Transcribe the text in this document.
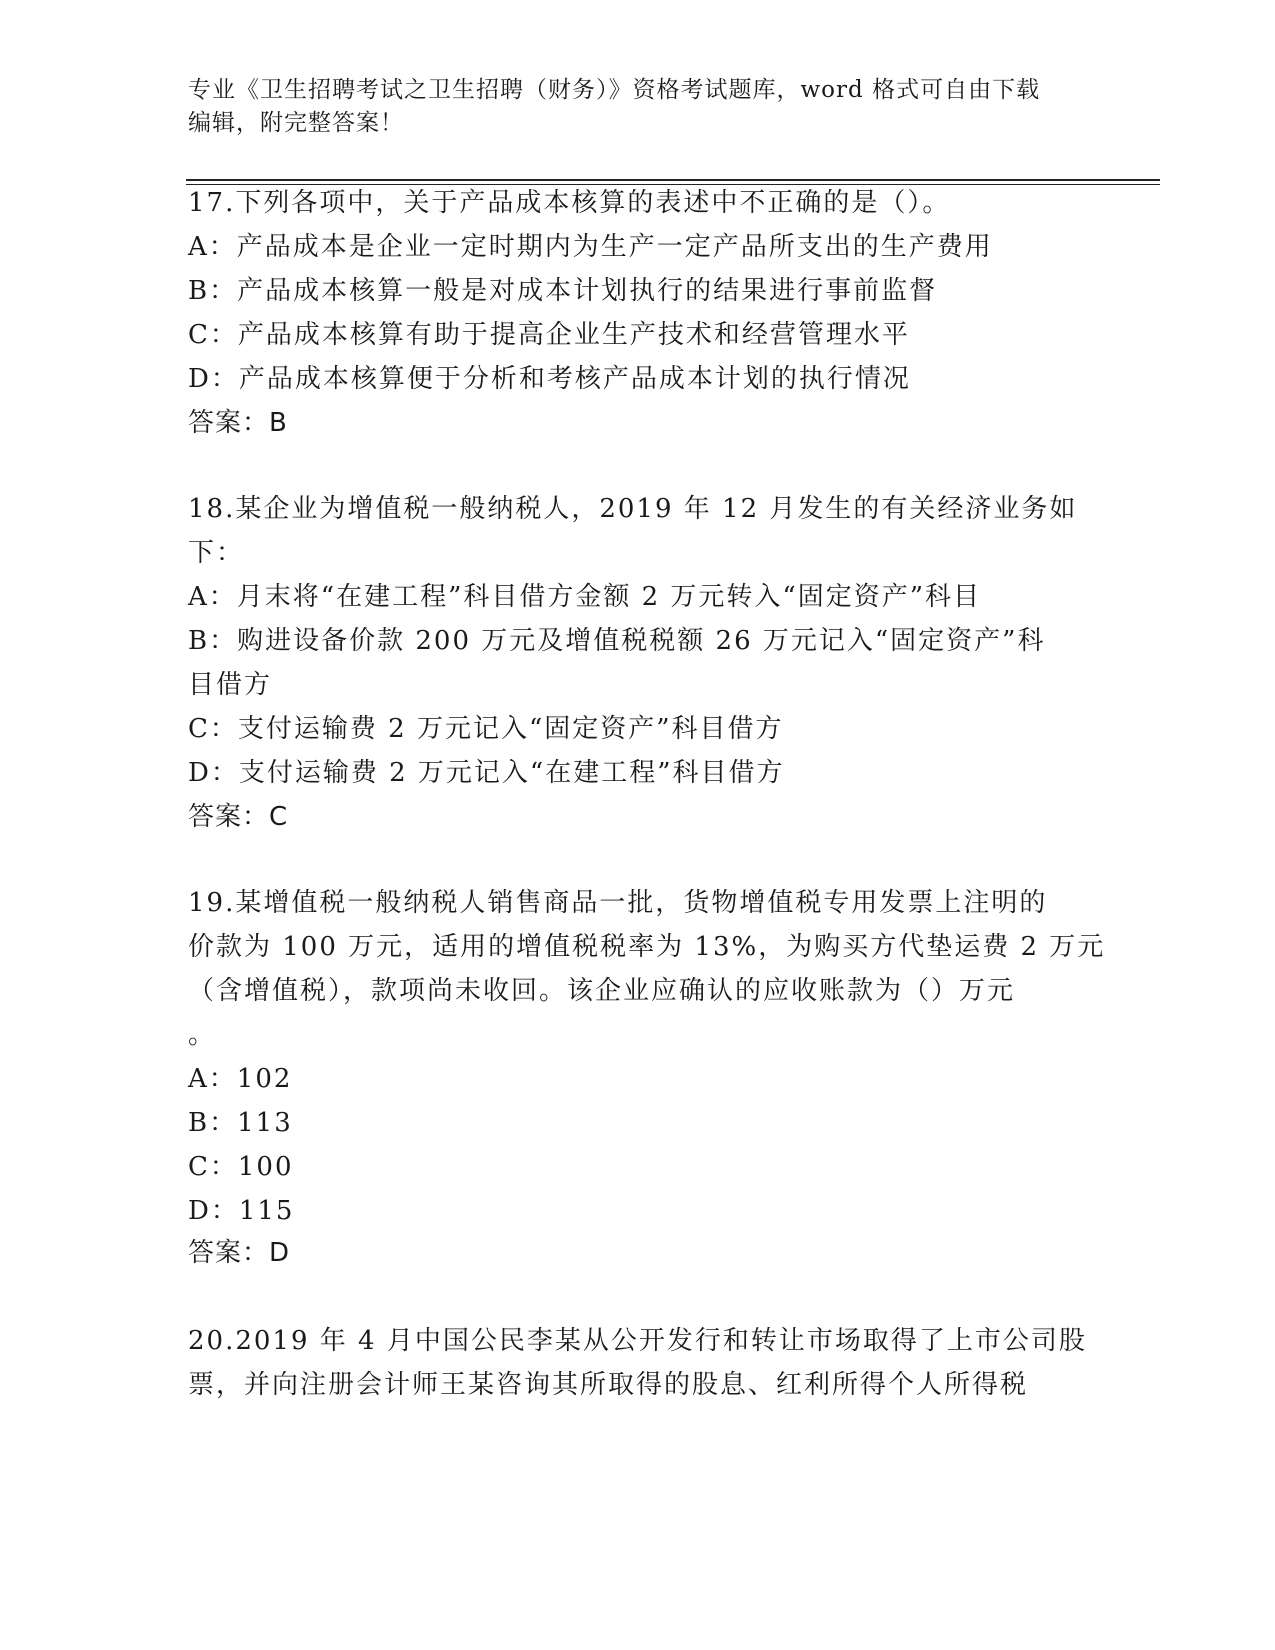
专业《卫生招聘考试之卫生招聘（财务）》资格考试题库，word 格式可自由下载
编辑，附完整答案！
17.下列各项中，关于产品成本核算的表述中不正确的是（）。
A：产品成本是企业一定时期内为生产一定产品所支出的生产费用
B：产品成本核算一般是对成本计划执行的结果进行事前监督
C：产品成本核算有助于提高企业生产技术和经营管理水平
D：产品成本核算便于分析和考核产品成本计划的执行情况
答案：B
18.某企业为增值税一般纳税人，2019 年 12 月发生的有关经济业务如
下：
A：月末将“在建工程”科目借方金额 2 万元转入“固定资产”科目
B：购进设备价款 200 万元及增值税税额 26 万元记入“固定资产”科
目借方
C：支付运输费 2 万元记入“固定资产”科目借方
D：支付运输费 2 万元记入“在建工程”科目借方
答案：C
19.某增值税一般纳税人销售商品一批，货物增值税专用发票上注明的
价款为 100 万元，适用的增值税税率为 13%，为购买方代垫运费 2 万元
（含增值税），款项尚未收回。该企业应确认的应收账款为（）万元
。
A：102
B：113
C：100
D：115
答案：D
20.2019 年 4 月中国公民李某从公开发行和转让市场取得了上市公司股
票，并向注册会计师王某咨询其所取得的股息、红利所得个人所得税
